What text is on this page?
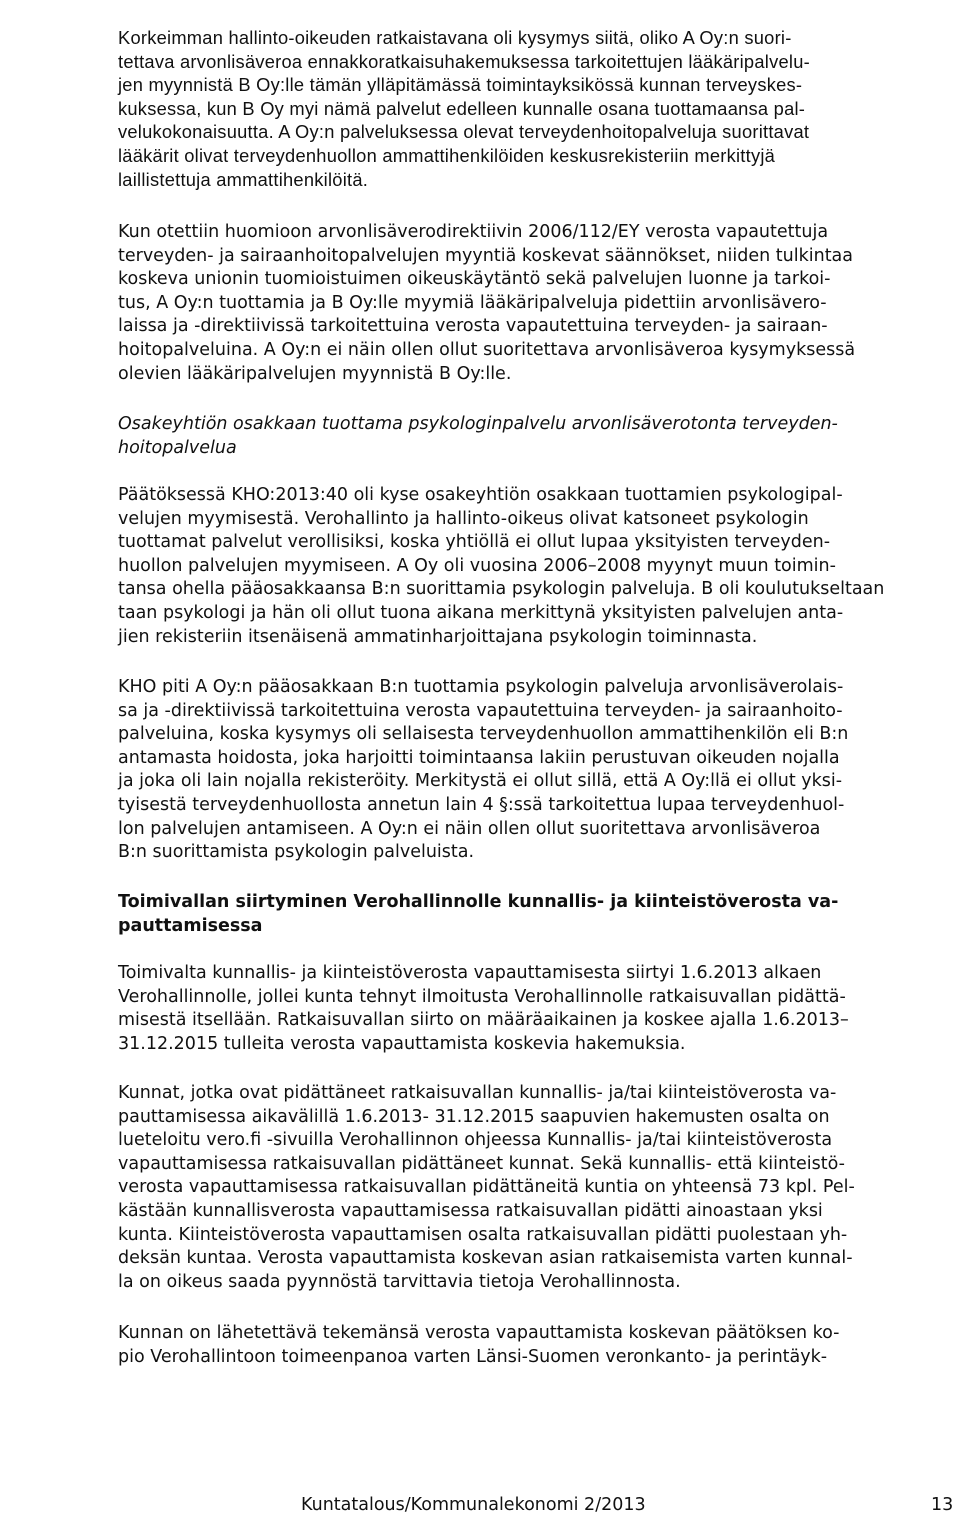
Korkeimman hallinto-oikeuden ratkaistavana oli kysymys siitä, oliko A Oy:n suori-
tettava arvonlisäveroa ennakkoratkaisuhakemuksessa tarkoitettujen lääkäripalvelu-
jen myynnistä B Oy:lle tämän ylläpitämässä toimintayksikössä kunnan terveyskes-
kuksessa, kun B Oy myi nämä palvelut edelleen kunnalle osana tuottamaansa pal-
velukokonaisuutta. A Oy:n palveluksessa olevat terveydenhoitopalveluja suorittavat
lääkärit olivat terveydenhuollon ammattihenkilöiden keskusrekisteriin merkittyjä
laillistettuja ammattihenkilöitä.
Kun otettiin huomioon arvonlisäverodirektiivin 2006/112/EY verosta vapautettuja
terveyden- ja sairaanhoitopalvelujen myyntiä koskevat säännökset, niiden tulkintaa
koskeva unionin tuomioistuimen oikeuskäytäntö sekä palvelujen luonne ja tarkoi-
tus, A Oy:n tuottamia ja B Oy:lle myymiä lääkäripalveluja pidettiin arvonlisävero-
laissa ja -direktiivissä tarkoitettuina verosta vapautettuina terveyden- ja sairaan-
hoitopalveluina. A Oy:n ei näin ollen ollut suoritettava arvonlisäveroa kysymyksessä
olevien lääkäripalvelujen myynnistä B Oy:lle.
Osakeyhtiön osakkaan tuottama psykologinpalvelu arvonlisäverotonta terveyden-
hoitopalvelua
Päätöksessä KHO:2013:40 oli kyse osakeyhtiön osakkaan tuottamien psykologipal-
velujen myymisestä. Verohallinto ja hallinto-oikeus olivat katsoneet psykologin
tuottamat palvelut verollisiksi, koska yhtiöllä ei ollut lupaa yksityisten terveyden-
huollon palvelujen myymiseen. A Oy oli vuosina 2006–2008 myynyt muun toimin-
tansa ohella pääosakkaansa B:n suorittamia psykologin palveluja. B oli koulutukseltaan
taan psykologi ja hän oli ollut tuona aikana merkittynä yksityisten palvelujen anta-
jien rekisteriin itsenäisenä ammatinharjoittajana psykologin toiminnasta.
KHO piti A Oy:n pääosakkaan B:n tuottamia psykologin palveluja arvonlisäverolais-
sa ja -direktiivissä tarkoitettuina verosta vapautettuina terveyden- ja sairaanhoito-
palveluina, koska kysymys oli sellaisesta terveydenhuollon ammattihenkilön eli B:n
antamasta hoidosta, joka harjoitti toimintaansa lakiin perustuvan oikeuden nojalla
ja joka oli lain nojalla rekisteröity. Merkitystä ei ollut sillä, että A Oy:llä ei ollut yksi-
tyisestä terveydenhuollosta annetun lain 4 §:ssä tarkoitettua lupaa terveydenhuol-
lon palvelujen antamiseen. A Oy:n ei näin ollen ollut suoritettava arvonlisäveroa
B:n suorittamista psykologin palveluista.
Toimivallan siirtyminen Verohallinnolle kunnallis- ja kiinteistöverosta va-
pauttamisessa
Toimivalta kunnallis- ja kiinteistöverosta vapauttamisesta siirtyi 1.6.2013 alkaen
Verohallinnolle, jollei kunta tehnyt ilmoitusta Verohallinnolle ratkaisuvallan pidättä-
misestä itsellään. Ratkaisuvallan siirto on määräaikainen ja koskee ajalla 1.6.2013–
31.12.2015 tulleita verosta vapauttamista koskevia hakemuksia.
Kunnat, jotka ovat pidättäneet ratkaisuvallan kunnallis- ja/tai kiinteistöverosta va-
pauttamisessa aikavälillä 1.6.2013- 31.12.2015 saapuvien hakemusten osalta on
lueteloitu vero.fi -sivuilla Verohallinnon ohjeessa Kunnallis- ja/tai kiinteistöverosta
vapauttamisessa ratkaisuvallan pidättäneet kunnat. Sekä kunnallis- että kiinteistö-
verosta vapauttamisessa ratkaisuvallan pidättäneitä kuntia on yhteensä 73 kpl. Pel-
kästään kunnallisverosta vapauttamisessa ratkaisuvallan pidätti ainoastaan yksi
kunta. Kiinteistöverosta vapauttamisen osalta ratkaisuvallan pidätti puolestaan yh-
deksän kuntaa. Verosta vapauttamista koskevan asian ratkaisemista varten kunnal-
la on oikeus saada pyynnöstä tarvittavia tietoja Verohallinnosta.
Kunnan on lähetettävä tekemänsä verosta vapauttamista koskevan päätöksen ko-
pio Verohallintoon toimeenpanoa varten Länsi-Suomen veronkanto- ja perintäyk-
Kuntatalous/Kommunalekonomi 2/2013	13
